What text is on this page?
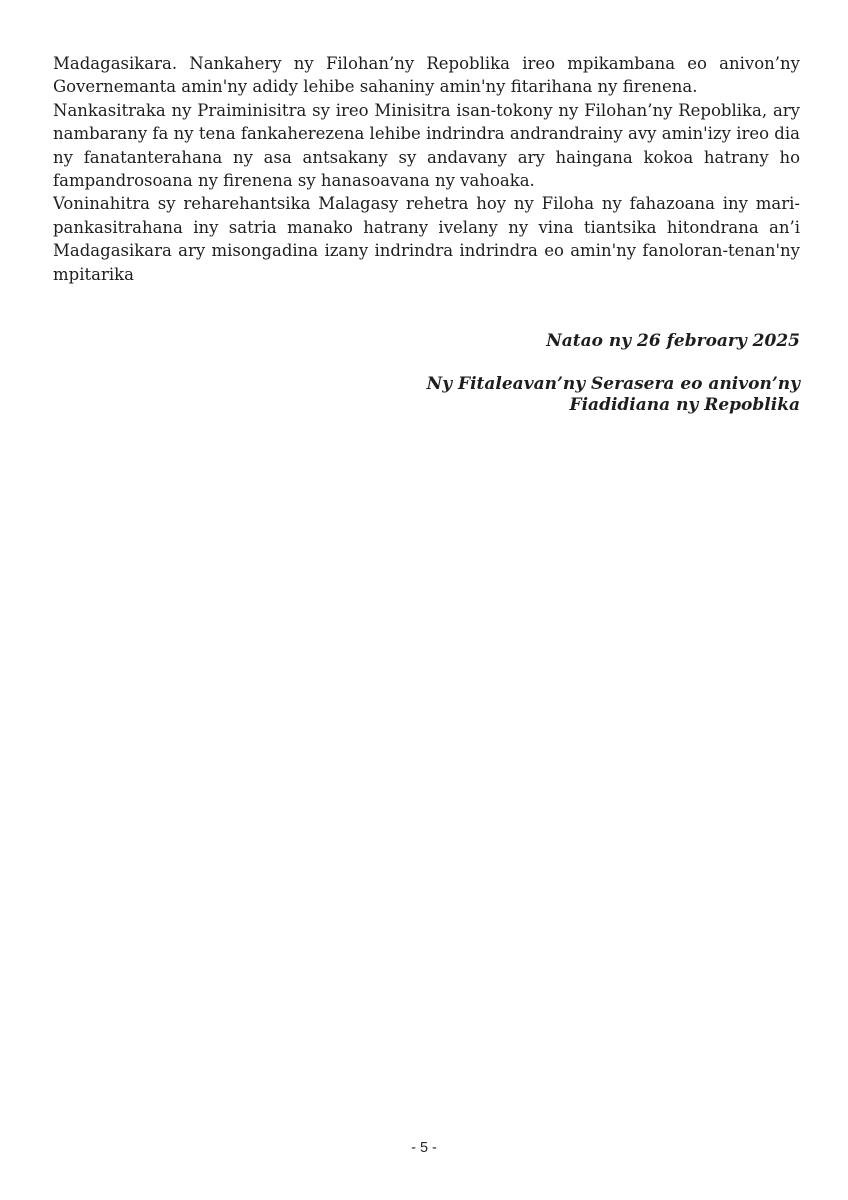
Madagasikara. Nankahery ny Filohan’ny Repoblika ireo mpikambana eo anivon’ny
Governemanta amin'ny adidy lehibe sahaniny amin'ny fitarihana ny firenena.
Nankasitraka ny Praiminisitra sy ireo Minisitra isan-tokony ny Filohan’ny Repoblika, ary
nambarany fa ny tena fankaherezena lehibe indrindra andrandrainy avy amin'izy ireo dia
ny fanatanterahana ny asa antsakany sy andavany ary haingana kokoa hatrany ho
fampandrosoana ny firenena sy hanasoavana ny vahoaka.
Voninahitra sy reharehantsika Malagasy rehetra hoy ny Filoha ny fahazoana iny mari-
pankasitrahana iny satria manako hatrany ivelany ny vina tiantsika hitondrana an’i
Madagasikara ary misongadina izany indrindra indrindra eo amin'ny fanoloran-tenan'ny
mpitarika
Natao ny 26 febroary 2025
Ny Fitaleavan’ny Serasera eo anivon’ny
Fiadidiana ny Repoblika
- 5 -
